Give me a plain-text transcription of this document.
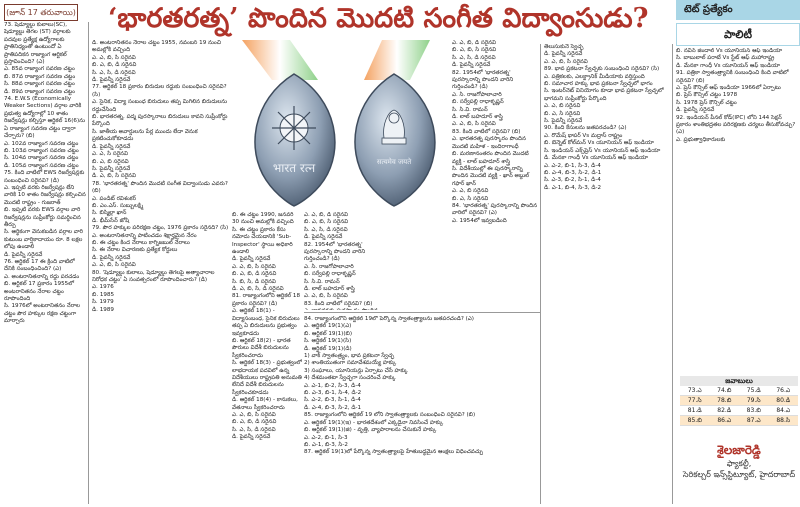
(జూన్ 17 తరువాయి) ‘భారతరత్న’ పొందిన మొదటి సంగీత విద్వాంసుడు?	టెట్ ప్రత్యేకం
పాలిటీ
73. షెడ్యూల్డు కులాలు(SC), షెడ్యూల్డు తెగల (ST) వర్గాలకు పదవుల ప్రత్యేక్ష ఉద్యోగాలకు ప్రాతినిధ్యంతో ఉంటుందో ఏ ప్రాతిపదికన రాజ్యాంగ ఆర్టికల్‌ ప్రస్తావించింది? (ఎ)
ఎ. 85వ రాజ్యాంగ సవరణ చట్టం
బి. 87వ రాజ్యాంగ సవరణ చట్టం
సి. 88వ రాజ్యాంగ సవరణ చట్టం
డి. 89వ రాజ్యాంగ సవరణ చట్టం
74. E.W.S (Economically Weaker Sections) వర్గాల వారికి ప్రభుత్వ ఉద్యోగాల్లో 10 శాతం రిజర్వేషన్లు కల్పిస్తూ ఆర్టికల్‌ 16(6)ను ఏ రాజ్యాంగ సవరణ చట్టం ద్వారా చేర్చారు? (బి)
ఎ. 102వ రాజ్యాంగ సవరణ చట్టం
బి. 103వ రాజ్యాంగ సవరణ చట్టం
సి. 104వ రాజ్యాంగ సవరణ చట్టం
డి. 105వ రాజ్యాంగ సవరణ చట్టం
75. కింది వాటిలో EWS రిజర్వేషన్లకు సంబంధించి సరైనవి? (డి)
ఎ. ఇప్పటి వరకు రిజర్వేషన్లు లేని వారికి 10 శాతం రిజర్వేషన్లు కల్పించిన మొదటి రాష్ట్రం - గుజరాత్‌
బి. ఇప్పటి వరకు EWS వర్గాల వారి రిజర్వేషన్లను సుప్రీంకోర్టు సమర్థించిన తీర్పు
సి. ఆర్థికంగా వెనుకబడిన వర్గాల వారి కుటుంబ వార్షికాదాయం రూ. 8 లక్షల లోపు ఉండాలి
డి. పైవన్నీ సరైనవే
76. ఆర్టికల్‌ 17 ఈ క్రింది వాటిలో దేనికి సంబంధించింది? (ఎ)
ఎ. అంటరానితనాన్ని రద్దు పరచడం
బి. ఆర్టికల్‌ 17 ప్రకారం 1955లో అంటరానితనం నేరాల చట్టం రూపొందింది
సి. 1976లో అంటరానితనం నేరాల చట్టం పౌర హక్కుల రక్షణ చట్టంగా మార్చారు
డి. అంటరానితనం నేరాల చట్టం 1955, నవంబర్‌ 19 నుంచి అమల్లోకి వచ్చింది
ఎ. ఎ, బి, సి సరైనవి
బి. ఎ, బి, డి సరైనవి
సి. ఎ, సి, డి సరైనవి
డి. పైవన్నీ సరైనవే
77. ఆర్టికల్‌ 18 ప్రకారం బిరుదుల రద్దుకు సంబంధించి సరైనవి? (సి)
ఎ. సైనిక, విద్యా సంబంధ బిరుదులు తప్ప మిగిలిన బిరుదులను రద్దుచేసింది
బి. భారతరత్న, పద్మ పురస్కారాలు బిరుదులు కావని సుప్రీంకోర్టు పేర్కొంది
సి. జాతీయ అవార్డులను పేర్ల ముందు లేదా వెనుక ప్రకటించుకోకూడదు
డి. పైవన్నీ సరైనవే
ఎ. ఎ, సి సరైనవి
బి. ఎ, బి సరైనవి
సి. పైవన్నీ సరైనవే
డి. ఎ, బి, సి సరైనవి
78. 'భారతరత్న' పొందిన మొదటి సంగీత విద్వాంసుడు ఎవరు? (బి)
ఎ. పండిట్‌ రవిశంకర్‌
బి. ఎం.ఎస్‌. సుబ్బులక్ష్మి
సి. బిస్మిల్లా ఖాన్‌
డి. భీమ్‌సేన్‌ జోషి
79. పౌర హక్కుల పరిరక్షణ చట్టం, 1976 ప్రకారం సరైనది? (సి)
ఎ. అంటరానితనాన్ని పాటించడం శిక్షార్హమైన నేరం
బి. ఈ చట్టం కింద నేరాలు కాగ్నిజబుల్‌ నేరాలు
సి. ఈ నేరాల విచారణకు ప్రత్యేక కోర్టులు
డి. పైవన్నీ సరైనవే
ఎ. ఎ, బి, సి సరైనవి
80. 'షెడ్యూల్డు కులాలు, షెడ్యూల్డు తెగలపై అత్యాచారాల నిరోధక చట్టం' ఏ సంవత్సరంలో రూపొందించారు? (డి)
ఎ. 1976
బి. 1985
సి. 1979
డి. 1989
బి. ఈ చట్టం 1990, జనవరి 30 నుంచి అమల్లోకి వచ్చింది
సి. ఈ చట్టం ప్రకారం కేసు నమోదు చేయడానికి 'Sub-Inspector' స్థాయి అధికారి ఉండాలి
డి. పైవన్నీ సరైనవే
ఎ. ఎ, బి, సి సరైనవి
బి. ఎ, బి, డి సరైనవి
సి. బి, సి, డి సరైనవి
డి. ఎ, బి, సి, డి సరైనవి
81. రాజ్యాంగంలోని ఆర్టికల్‌ 18 ప్రకారం సరైనవి? (డి)
ఎ. ఆర్టికల్‌ 18(1) - విద్యాసంబంధ, సైనిక బిరుదులు తప్ప ఏ బిరుదులను ప్రభుత్వం ఇవ్వకూడదు
బి. ఆర్టికల్‌ 18(2) - భారత పౌరులు విదేశీ బిరుదులను స్వీకరించరాదు
సి. ఆర్టికల్‌ 18(3) - ప్రభుత్వంలో లాభదాయక పదవిలో ఉన్న విదేశీయులు రాష్ట్రపతి అనుమతి లేనిదే విదేశీ బిరుదులను స్వీకరించకూడదు
డి. ఆర్టికల్‌ 18(4) - కానుకలు, వేతనాలు స్వీకరించరాదు
ఎ. ఎ, బి, సి సరైనవి
బి. ఎ, బి, డి సరైనవి
సి. ఎ, సి, డి సరైనవి
డి. పైవన్నీ సరైనవే
ఎ. ఎ, బి, డి సరైనవి
బి. ఎ, బి, సి సరైనవి
సి. ఎ, సి, డి సరైనవి
డి. పైవన్నీ సరైనవే
82. 1954లో 'భారతరత్న' పురస్కారాన్ని పొందని వారిని గుర్తించండి? (డి)
ఎ. సి. రాజగోపాలాచారి
బి. సర్వేపల్లి రాధాకృష్ణన్‌
సి. సి.వి. రామన్‌
డి. లాల్‌ బహదూర్‌ శాస్త్రి
ఎ. ఎ, బి, సి సరైనవి
83. కింది వాటిలో సరైనవి? (బి)

84. రాజ్యాంగంలోని ఆర్టికల్‌ 19లో పేర్కొన్న స్వాతంత్ర్యాలను జతపరచండి? (ఎ)
ఎ. ఆర్టికల్‌ 19(1)(ఎ)
బి. ఆర్టికల్‌ 19(1)(బి)
సి. ఆర్టికల్‌ 19(1)(సి)
డి. ఆర్టికల్‌ 19(1)(డి)
1) వాక్‌ స్వాతంత్ర్యం, భావ ప్రకటనా స్వేచ్ఛ
2) శాంతియుతంగా సమావేశమయ్యే హక్కు
3) సంఘాలు, యూనియన్లు ఏర్పాటు చేసే హక్కు
4) దేశమంతటా స్వేచ్ఛగా సంచరించే హక్కు
ఎ. ఎ-1, బి-2, సి-3, డి-4
బి. ఎ-3, బి-1, సి-4, డి-2
సి. ఎ-2, బి-3, సి-1, డి-4
డి. ఎ-4, బి-3, సి-2, డి-1
85. రాజ్యాంగంలోని ఆర్టికల్‌ 19 లోని స్వాతంత్ర్యాలకు సంబంధించి సరైనవి? (బి)
ఎ. ఆర్టికల్‌ 19(1)(ఇ) - భారతదేశంలో ఎక్కడైనా నివసించే హక్కు
బి. ఆర్టికల్‌ 19(1)(జి) - వృత్తి, వ్యాపారాలను చేసుకునే హక్కు
ఎ. ఎ-2, బి-1, సి-3
బి. ఎ-1, బి-3, సి-2
87. ఆర్టికల్‌ 19(1)లో పేర్కొన్న స్వాతంత్ర్యాలపై హేతుబద్ధమైన ఆంక్షలు విధించవచ్చు
ఎ. ఎ, బి, డి సరైనవి
బి. ఎ, బి, సి సరైనవి
సి. ఎ, సి, డి సరైనవి
డి. పైవన్నీ సరైనవే
82. 1954లో 'భారతరత్న' పురస్కారాన్ని పొందని వారిని గుర్తించండి? (డి)
ఎ. సి. రాజగోపాలాచారి
బి. సర్వేపల్లి రాధాకృష్ణన్‌
సి. సి.వి. రామన్‌
డి. లాల్‌ బహదూర్‌ శాస్త్రి
ఎ. ఎ, బి, సి సరైనవి
83. కింది వాటిలో సరైనవి? (బి)
ఎ. భారతరత్న పురస్కారం పొందిన మొదటి మహిళ - ఇందిరాగాంధీ
బి. మరణానంతరం పొందిన మొదటి వ్యక్తి - లాల్‌ బహదూర్‌ శాస్త్రి
సి. విదేశీయుల్లో ఈ పురస్కారాన్ని పొందిన మొదటి వ్యక్తి - ఖాన్‌ అబ్దుల్‌ గఫార్‌ ఖాన్‌
ఎ. ఎ, బి సరైనవి
బి. ఎ, సి సరైనవి
84. 'భారతరత్న' పురస్కారాన్ని పొందిన వారిలో సరైనవి? (ఎ)
ఎ. 1954లో ఇవ్వబడింది
తెలుసుకునే స్వేచ్ఛ
డి. పైవన్నీ సరైనవే
ఎ. ఎ, బి, సి సరైనవి
89. భావ ప్రకటనా స్వేచ్ఛకు సంబంధించి సరైనవి? (సి)
ఎ. పత్రికలకు, ఎలక్ట్రానిక్‌ మీడియాకు వర్తిస్తుంది
బి. సమాచార హక్కు భావ ప్రకటనా స్వేచ్ఛలో భాగం
సి. ఇంటర్‌నెట్‌ వినియోగం కూడా భావ ప్రకటనా స్వేచ్ఛలో భాగమని సుప్రీంకోర్టు పేర్కొంది
ఎ. ఎ, బి సరైనవి
బి. ఎ, సి సరైనవి
సి. పైవన్నీ సరైనవే
90. కింది కేసులను జతపరచండి? (ఎ)
ఎ. రొమేష్‌ థాపర్‌ Vs మద్రాస్‌ రాష్ట్రం
బి. బెన్నెట్‌ కోల్‌మన్‌ Vs యూనియన్‌ ఆఫ్‌ ఇండియా
సి. ఇండియన్‌ ఎక్స్‌ప్రెస్‌ Vs యూనియన్‌ ఆఫ్‌ ఇండియా
డి. మేనకా గాంధీ Vs యూనియన్‌ ఆఫ్‌ ఇండియా
ఎ. ఎ-2, బి-1, సి-3, డి-4
బి. ఎ-4, బి-3, సి-2, డి-1
సి. ఎ-3, బి-2, సి-1, డి-4
డి. ఎ-1, బి-4, సి-3, డి-2
బి. నవీన్‌ జిందాల్‌ Vs యూనియన్‌ ఆఫ్‌ ఇండియా
సి. బాబులాల్‌ పరాటే Vs స్టేట్‌ ఆఫ్‌ మహారాష్ట్ర
డి. మేనకా గాంధీ Vs యూనియన్‌ ఆఫ్‌ ఇండియా
91. పత్రికా స్వాతంత్ర్యానికి సంబంధించి కింది వాటిలో సరైనవి? (బి)
ఎ. ప్రెస్‌ కౌన్సిల్‌ ఆఫ్‌ ఇండియా 1966లో ఏర్పాటు
బి. ప్రెస్‌ కౌన్సిల్‌ చట్టం 1978
సి. 1978 ప్రెస్‌ కౌన్సిల్‌ చట్టం
డి. పైవన్నీ సరైనవే
92. ఇండియన్‌ పీనల్‌ కోడ్‌(IPC) లోని 144 సెక్షన్‌ ప్రకారం శాంతిభద్రతల పరిరక్షణకు చర్యలు తీసుకోవచ్చు? (ఎ)
ఎ. ప్రభుత్వాధికారులకు
भारत रत्न	सत्यमेव जयते
జవాబులు
73.ఎ	74.బి	75.డి	76.ఎ
77.సి	78.బి	79.సి	80.డి
81.డి	82.డి	83.బి	84.ఎ
85.బి	86.ఎ	87.ఎ	88.సి
శైలజారెడ్డి
ఫ్యాకల్టీ,
సెరికల్చర్‌ ఇన్స్‌స్టిట్యూట్‌, హైదరాబాద్‌
